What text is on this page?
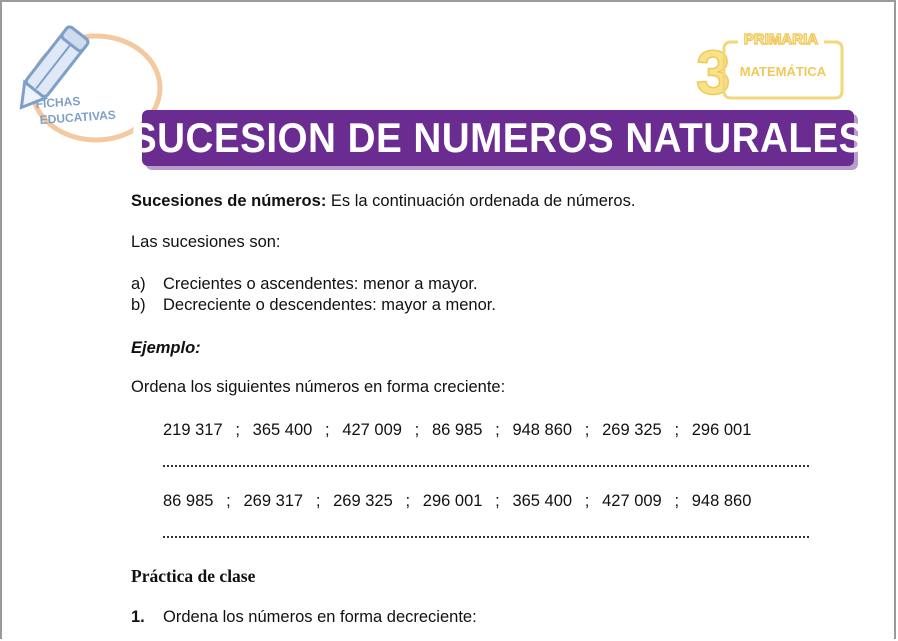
FICHAS
EDUCATIVAS
3 PRIMARIA
MATEMÁTICA
SUCESION DE NUMEROS NATURALES
Sucesiones de números: Es la continuación ordenada de números.
Las sucesiones son:
a) Crecientes o ascendentes: menor a mayor.
b) Decreciente o descendentes: mayor a menor.
Ejemplo:
Ordena los siguientes números en forma creciente:
219 317 ; 365 400 ; 427 009 ; 86 985 ; 948 860 ; 269 325 ; 296 001
86 985 ; 269 317 ; 269 325 ; 296 001 ; 365 400 ; 427 009 ; 948 860
Práctica de clase
1. Ordena los números en forma decreciente:
